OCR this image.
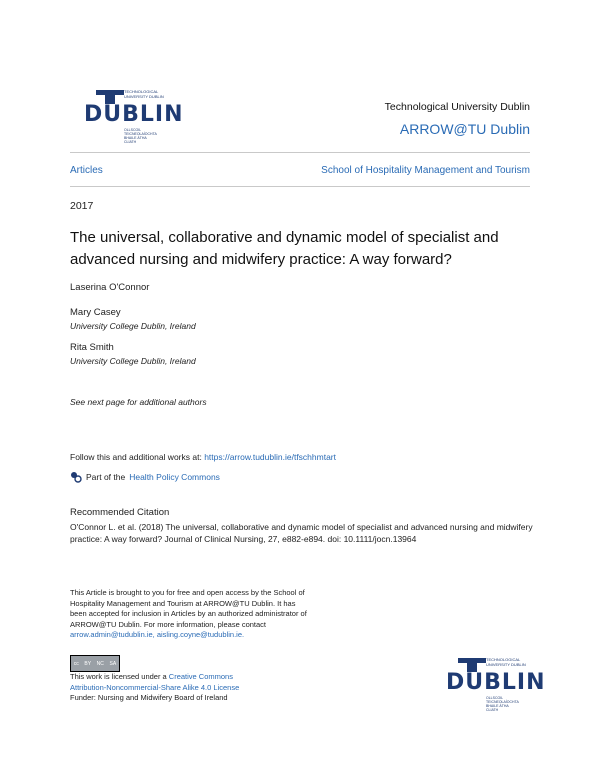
TECHNOLOGICAL UNIVERSITY DUBLIN
DUBLIN
OLLSCOIL TEICNEOLAÍOCHTA BHAILE ÁTHA CLIATH
Technological University Dublin
ARROW@TU Dublin
Articles	School of Hospitality Management and Tourism
2017
The universal, collaborative and dynamic model of specialist and advanced nursing and midwifery practice: A way forward?
Laserina O'Connor
Mary Casey
University College Dublin, Ireland
Rita Smith
University College Dublin, Ireland
See next page for additional authors
Follow this and additional works at: https://arrow.tudublin.ie/tfschhmtart
Part of the Health Policy Commons
Recommended Citation
O'Connor L. et al. (2018) The universal, collaborative and dynamic model of specialist and advanced nursing and midwifery practice: A way forward? Journal of Clinical Nursing, 27, e882-e894. doi: 10.1111/jocn.13964
This Article is brought to you for free and open access by the School of Hospitality Management and Tourism at ARROW@TU Dublin. It has been accepted for inclusion in Articles by an authorized administrator of ARROW@TU Dublin. For more information, please contact
arrow.admin@tudublin.ie, aisling.coyne@tudublin.ie.
cc BY NC SA
This work is licensed under a Creative Commons
Attribution-Noncommercial-Share Alike 4.0 License
Funder: Nursing and Midwifery Board of Ireland
TECHNOLOGICAL UNIVERSITY DUBLIN
DUBLIN
OLLSCOIL TEICNEOLAÍOCHTA BHAILE ÁTHA CLIATH
